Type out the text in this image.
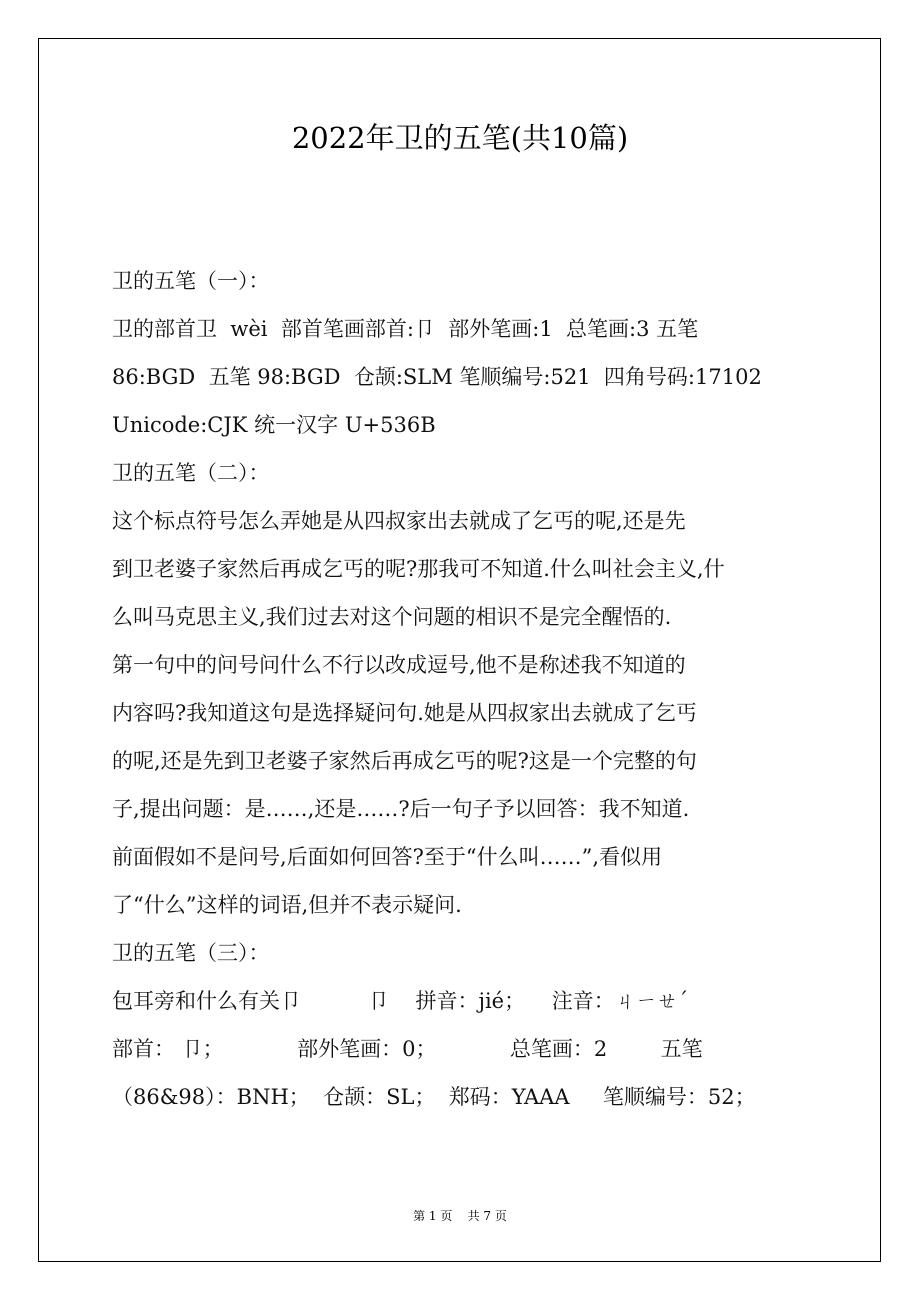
2022年卫的五笔(共10篇)
卫的五笔（一）：
卫的部首卫  wèi  部首笔画部首:卩  部外笔画:1  总笔画:3 五笔
86:BGD  五笔 98:BGD  仓颉:SLM 笔顺编号:521  四角号码:17102
Unicode:CJK 统一汉字 U+536B
卫的五笔（二）：
这个标点符号怎么弄她是从四叔家出去就成了乞丐的呢,还是先
到卫老婆子家然后再成乞丐的呢?那我可不知道.什么叫社会主义,什
么叫马克思主义,我们过去对这个问题的相识不是完全醒悟的.
第一句中的问号问什么不行以改成逗号,他不是称述我不知道的
内容吗?我知道这句是选择疑问句.她是从四叔家出去就成了乞丐
的呢,还是先到卫老婆子家然后再成乞丐的呢?这是一个完整的句
子,提出问题：是……,还是……?后一句子予以回答：我不知道.
前面假如不是问号,后面如何回答?至于“什么叫……”,看似用
了“什么”这样的词语,但并不表示疑问.
卫的五笔（三）：
包耳旁和什么有关卩          卩    拼音：jié；    注音：ㄐㄧㄝˊ
部首： 卩；           部外笔画：0；           总笔画：2        五笔
（86&98）：BNH；  仓颉：SL；  郑码：YAAA     笔顺编号：52；
第 1 页    共 7 页
